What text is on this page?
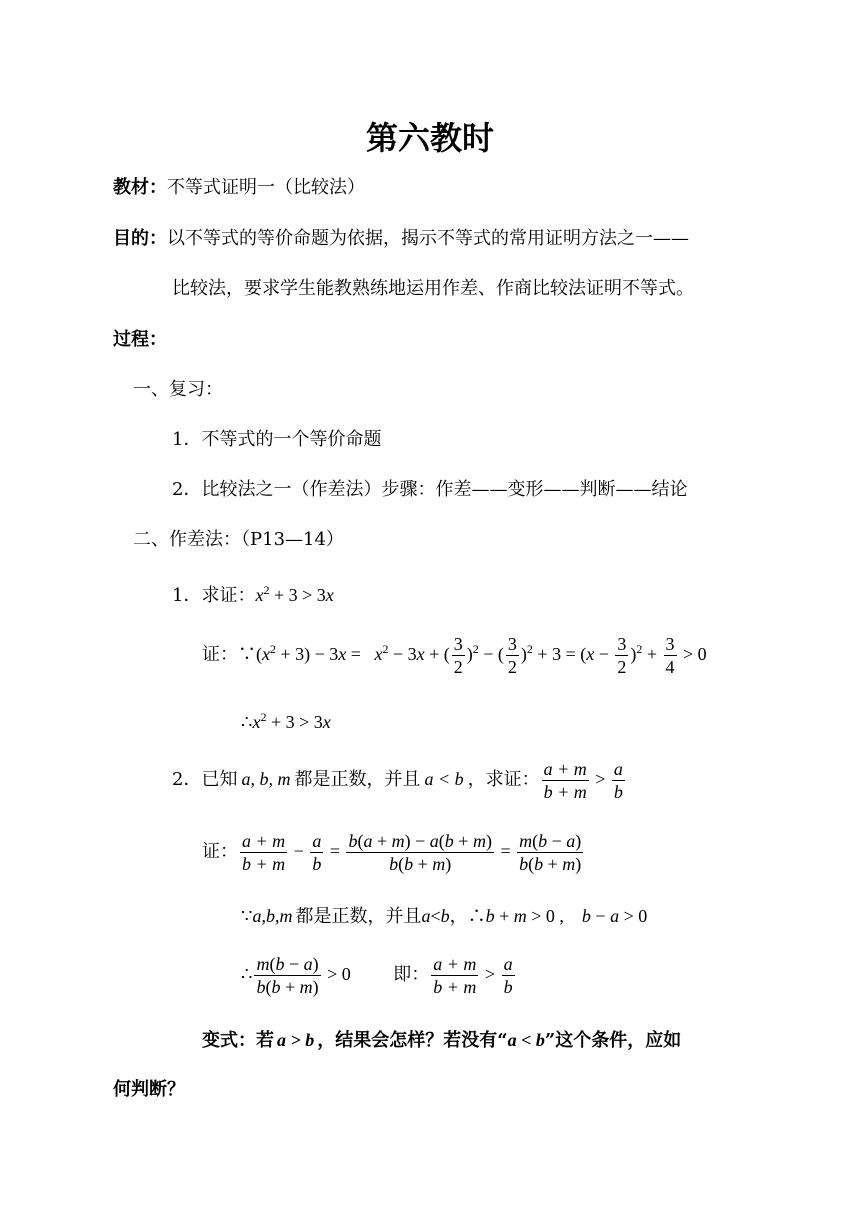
第六教时
教材：不等式证明一（比较法）
目的：以不等式的等价命题为依据，揭示不等式的常用证明方法之一——
比较法，要求学生能教熟练地运用作差、作商比较法证明不等式。
过程：
一、复习：
1．不等式的一个等价命题
2．比较法之一（作差法）步骤：作差——变形——判断——结论
二、作差法：（P13—14）
1．求证：$x^2 + 3 > 3x$
证：$\because(x^2 + 3) - 3x = x^2 - 3x$ + ( $\frac{3}{2} )^2$ − ( $\frac{3}{2} )^2 + 3 = (x - \frac{3}{2} )^2 + \frac{3}{4} > 0$
$\therefore x^2 + 3 > 3x$
2．已知 a, b, m 都是正数，并且 a < b ，求证： $\frac{a + m}{b + m} > \frac{a}{b}$
证： $\frac{a + m}{b + m} - \frac{a}{b} = \frac{b(a + m) - a(b + m)}{b(b + m)} = \frac{m(b - a)}{b(b + m)}$
∵a,b,m 都是正数，并且a<b，∴b + m > 0 ,    b − a > 0
∴ $\frac{m(b - a)}{b(b + m)} > 0$ 即： $\frac{a + m}{b + m} > \frac{a}{b}$
变式：若 a > b ，结果会怎样？若没有“a < b”这个条件，应如
何判断？
